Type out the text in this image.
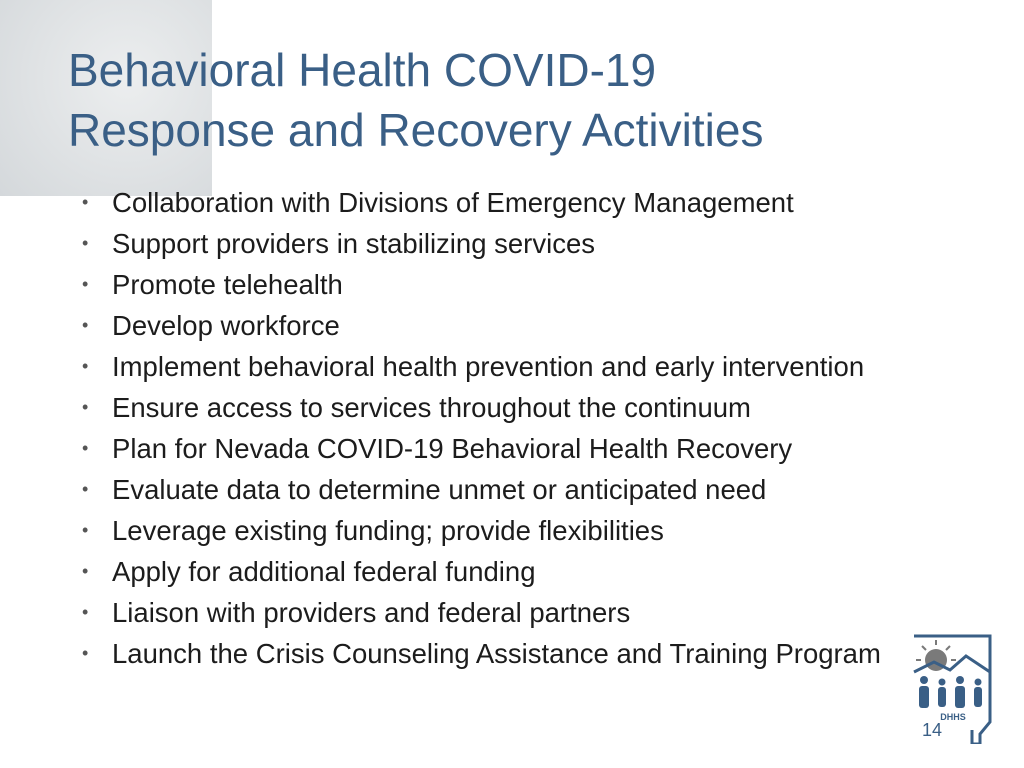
Behavioral Health COVID-19
Response and Recovery Activities
• Collaboration with Divisions of Emergency Management
• Support providers in stabilizing services
• Promote telehealth
• Develop workforce
• Implement behavioral health prevention and early intervention
• Ensure access to services throughout the continuum
• Plan for Nevada COVID-19 Behavioral Health Recovery
• Evaluate data to determine unmet or anticipated need
• Leverage existing funding; provide flexibilities
• Apply for additional federal funding
• Liaison with providers and federal partners
• Launch the Crisis Counseling Assistance and Training Program
DHHS
14
